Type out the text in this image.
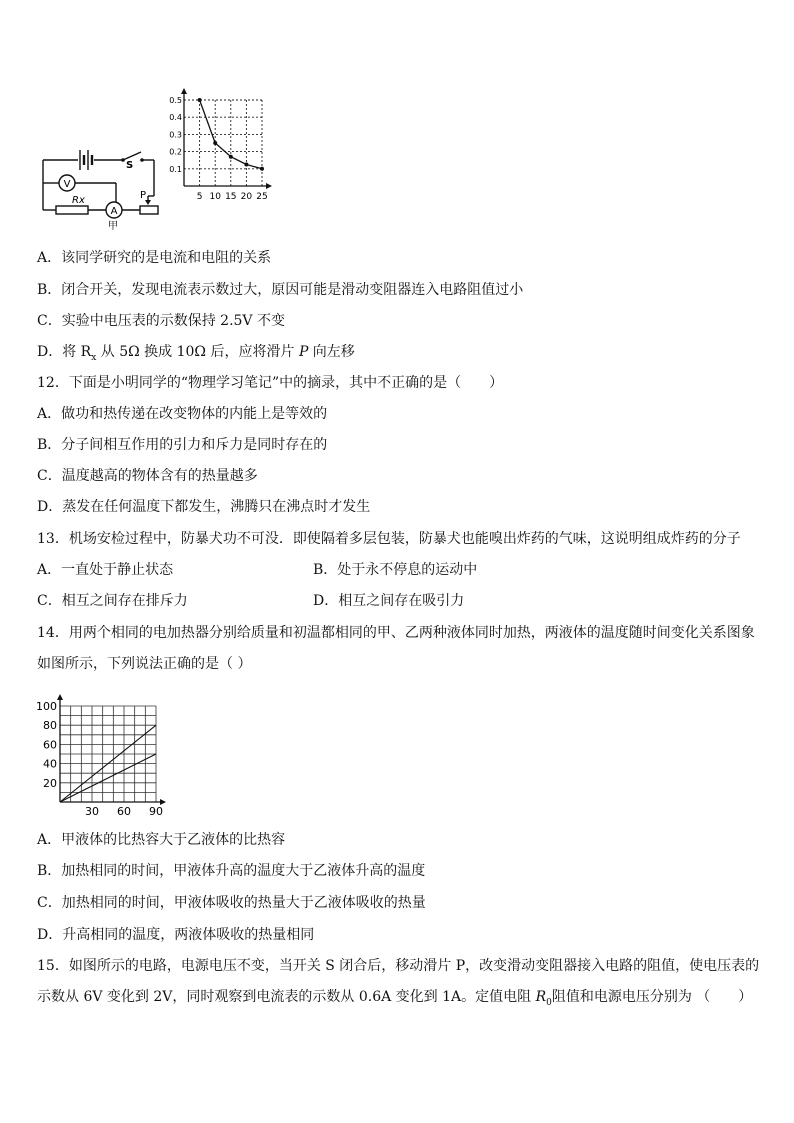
V
A
S
Rx	P
甲
0.5
0.4
0.3
0.2
0.1
5 10 15 20 25
A．该同学研究的是电流和电阻的关系
B．闭合开关，发现电流表示数过大，原因可能是滑动变阻器连入电路阻值过小
C．实验中电压表的示数保持 2.5V 不变
D．将 $R_x$ 从 5Ω 换成 10Ω 后，应将滑片 P 向左移
12．下面是小明同学的“物理学习笔记”中的摘录，其中不正确的是（　　）
A．做功和热传递在改变物体的内能上是等效的
B．分子间相互作用的引力和斥力是同时存在的
C．温度越高的物体含有的热量越多
D．蒸发在任何温度下都发生，沸腾只在沸点时才发生
13．机场安检过程中，防暴犬功不可没．即使隔着多层包装，防暴犬也能嗅出炸药的气味，这说明组成炸药的分子
A．一直处于静止状态	B．处于永不停息的运动中
C．相互之间存在排斥力	D．相互之间存在吸引力
14．用两个相同的电加热器分别给质量和初温都相同的甲、乙两种液体同时加热，两液体的温度随时间变化关系图象
如图所示，下列说法正确的是（ ）
100
80
60
40
20
30 60 90
A．甲液体的比热容大于乙液体的比热容
B．加热相同的时间，甲液体升高的温度大于乙液体升高的温度
C．加热相同的时间，甲液体吸收的热量大于乙液体吸收的热量
D．升高相同的温度，两液体吸收的热量相同
15．如图所示的电路，电源电压不变，当开关 S 闭合后，移动滑片 P，改变滑动变阻器接入电路的阻值，使电压表的
示数从 6V 变化到 2V，同时观察到电流表的示数从 0.6A 变化到 1A。定值电阻 $R_0$阻值和电源电压分别为 （　　）
